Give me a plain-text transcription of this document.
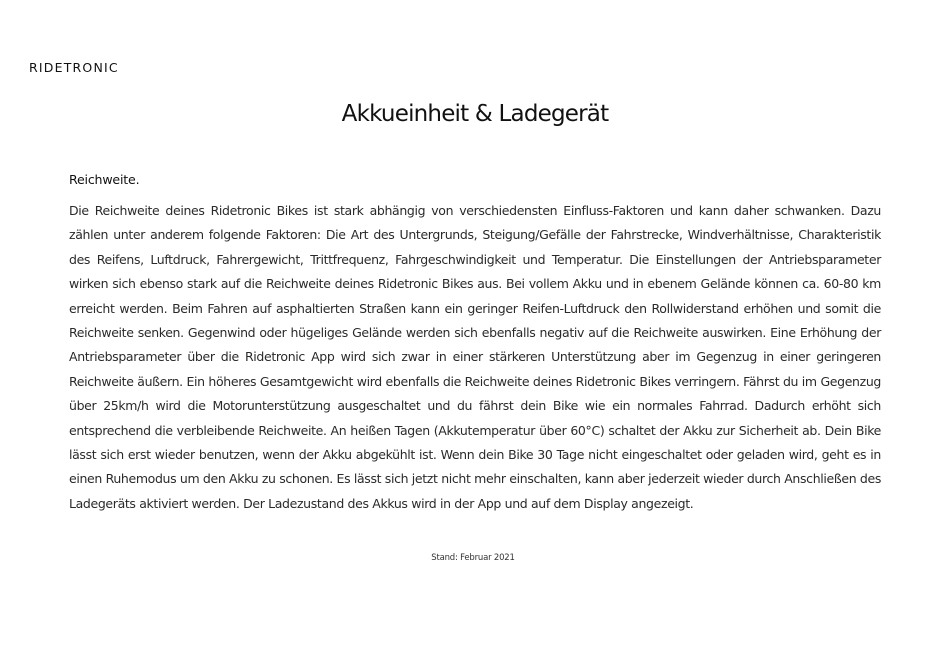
RIDETRONIC
Akkueinheit & Ladegerät
Reichweite.

Die Reichweite deines Ridetronic Bikes ist stark abhängig von verschiedensten Einfluss-Faktoren und kann daher schwanken. Dazu zählen unter anderem folgende Faktoren: Die Art des Untergrunds, Steigung/Gefälle der Fahrstrecke, Windverhältnisse, Charakteristik des Reifens, Luftdruck, Fahrergewicht, Trittfrequenz, Fahrgeschwindigkeit und Temperatur. Die Einstellungen der Antriebsparameter wirken sich ebenso stark auf die Reichweite deines Ridetronic Bikes aus. Bei vollem Akku und in ebenem Gelände können ca. 60-80 km erreicht werden. Beim Fahren auf asphaltierten Straßen kann ein geringer Reifen-Luftdruck den Rollwiderstand erhöhen und somit die Reichweite senken. Gegenwind oder hügeliges Gelände werden sich ebenfalls negativ auf die Reichweite auswirken. Eine Erhöhung der Antriebsparameter über die Ridetronic App wird sich zwar in einer stärkeren Unterstützung aber im Gegenzug in einer geringeren Reichweite äußern. Ein höheres Gesamtgewicht wird ebenfalls die Reichweite deines Ridetronic Bikes verringern. Fährst du im Gegenzug über 25km/h wird die Motorunterstützung ausgeschaltet und du fährst dein Bike wie ein normales Fahrrad. Dadurch erhöht sich entsprechend die verbleibende Reichweite. An heißen Tagen (Akkutemperatur über 60°C) schaltet der Akku zur Sicherheit ab. Dein Bike lässt sich erst wieder benutzen, wenn der Akku abgekühlt ist. Wenn dein Bike 30 Tage nicht eingeschaltet oder geladen wird, geht es in einen Ruhemodus um den Akku zu schonen. Es lässt sich jetzt nicht mehr einschalten, kann aber jederzeit wieder durch Anschließen des Ladegeräts aktiviert werden. Der Ladezustand des Akkus wird in der App und auf dem Display angezeigt.

Stand: Februar 2021
